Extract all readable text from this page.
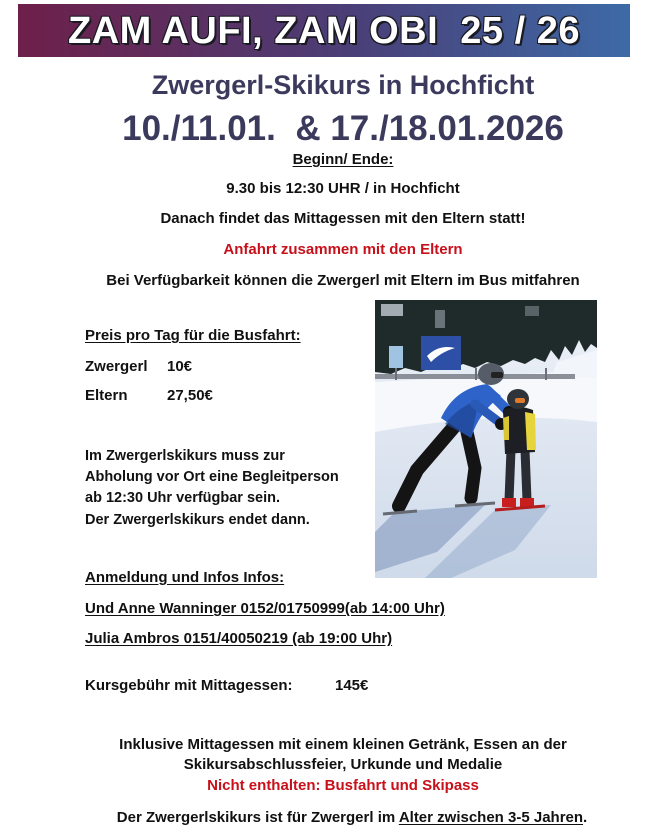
ZAM AUFI, ZAM OBI  25 / 26
Zwergerl-Skikurs in Hochficht
10./11.01.  & 17./18.01.2026
Beginn/ Ende:
9.30 bis 12:30 UHR / in Hochficht
Danach findet das Mittagessen mit den Eltern statt!
Anfahrt zusammen mit den Eltern
Bei Verfügbarkeit können die Zwergerl mit Eltern im Bus mitfahren
Preis pro Tag für die Busfahrt:
Zwergerl 10€
Eltern	27,50€
Im Zwergerlskikurs muss zur
Abholung vor Ort eine Begleitperson
ab 12:30 Uhr verfügbar sein.
Der Zwergerlskikurs endet dann.
Anmeldung und Infos Infos:
Und Anne Wanninger 0152/01750999(ab 14:00 Uhr)
Julia Ambros 0151/40050219 (ab 19:00 Uhr)
Kursgebühr mit Mittagessen:	145€
Inklusive Mittagessen mit einem kleinen Getränk, Essen an der
Skikursabschlussfeier, Urkunde und Medalie
Nicht enthalten: Busfahrt und Skipass
Der Zwergerlskikurs ist für Zwergerl im Alter zwischen 3-5 Jahren.
